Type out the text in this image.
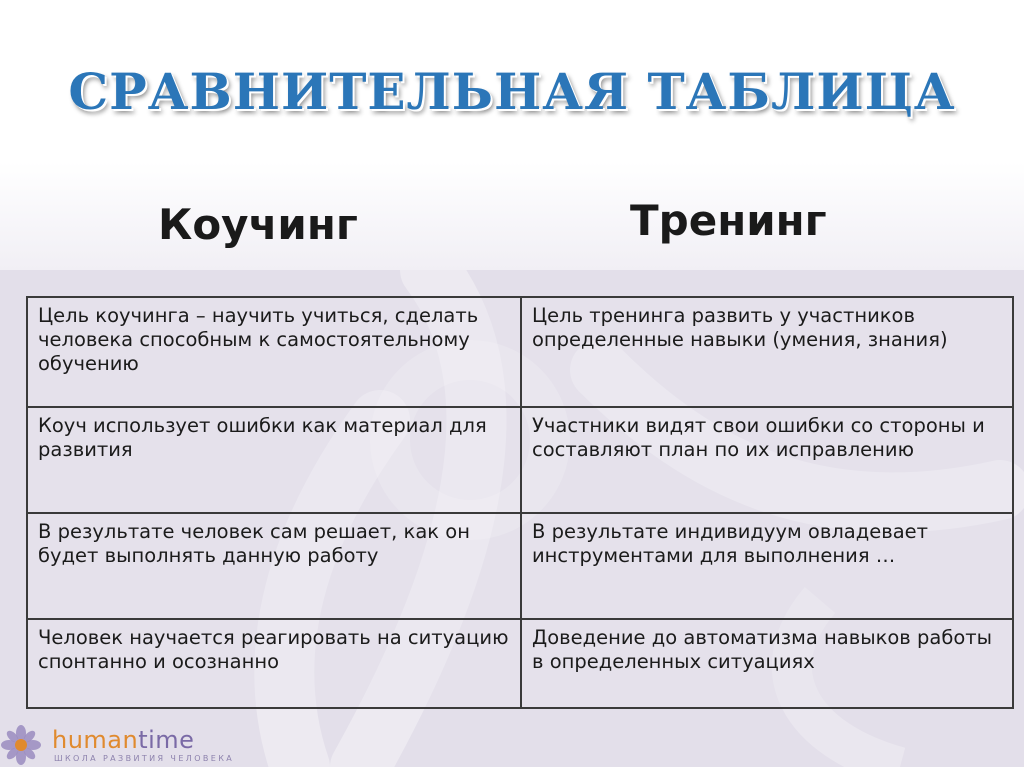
СРАВНИТЕЛЬНАЯ ТАБЛИЦА
Коучинг	Тренинг
Цель коучинга – научить учиться, сделать человека способным к самостоятельному обучению	Цель тренинга развить у участников определенные навыки (умения, знания)
Коуч использует ошибки как материал для развития	Участники видят свои ошибки со стороны и составляют план по их исправлению
В результате человек сам решает, как он будет выполнять данную работу	В результате индивидуум овладевает инструментами для выполнения …
Человек научается реагировать на ситуацию спонтанно и осознанно	Доведение до автоматизма навыков работы в определенных ситуациях
humantime
ШКОЛА РАЗВИТИЯ ЧЕЛОВЕКА
